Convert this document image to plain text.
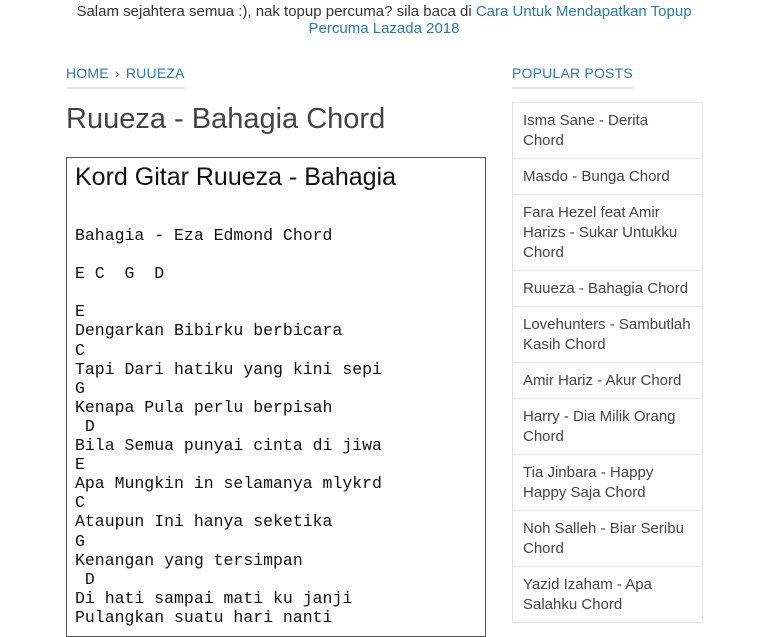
Salam sejahtera semua :), nak topup percuma? sila baca di Cara Untuk Mendapatkan Topup Percuma Lazada 2018
HOME › RUUEZA
Ruueza - Bahagia Chord
Kord Gitar Ruueza - Bahagia
Bahagia - Eza Edmond Chord
E C  G  D
E
Dengarkan Bibirku berbicara
C
Tapi Dari hatiku yang kini sepi
G
Kenapa Pula perlu berpisah
D
Bila Semua punyai cinta di jiwa
E
Apa Mungkin in selamanya mlykrd
C
Ataupun Ini hanya seketika
G
Kenangan yang tersimpan
D
Di hati sampai mati ku janji
Pulangkan suatu hari nanti
POPULAR POSTS
Isma Sane - Derita Chord
Masdo - Bunga Chord
Fara Hezel feat Amir Harizs - Sukar Untukku Chord
Ruueza - Bahagia Chord
Lovehunters - Sambutlah Kasih Chord
Amir Hariz - Akur Chord
Harry - Dia Milik Orang Chord
Tia Jinbara - Happy Happy Saja Chord
Noh Salleh - Biar Seribu Chord
Yazid Izaham - Apa Salahku Chord
